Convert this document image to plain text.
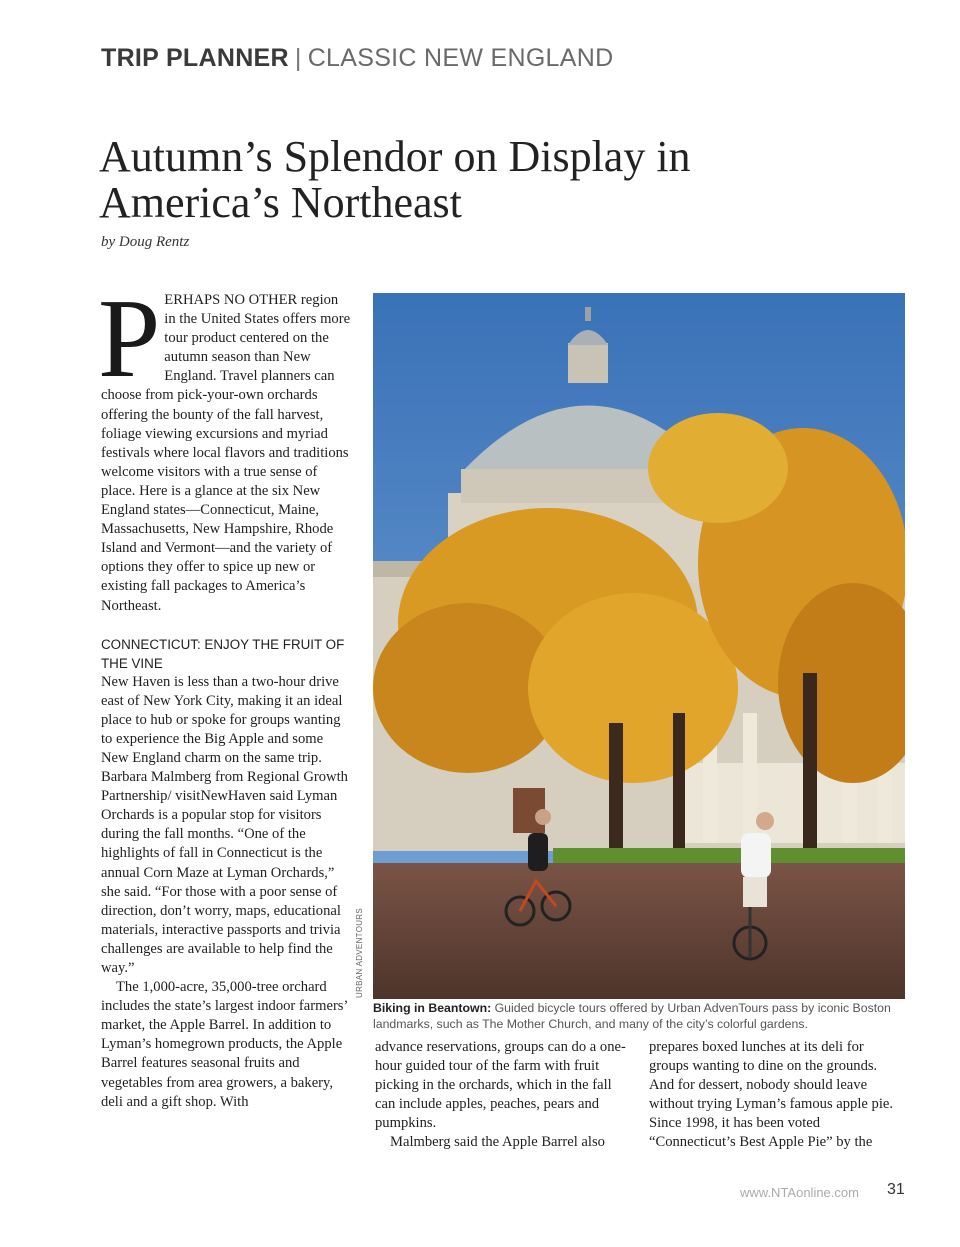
TRIP PLANNER | CLASSIC NEW ENGLAND
Autumn’s Splendor on Display in America’s Northeast
by Doug Rentz

PERHAPS NO OTHER region in the United States offers more tour product centered on the autumn season than New England. Travel planners can choose from pick-your-own orchards offering the bounty of the fall harvest, foliage viewing excursions and myriad festivals where local flavors and traditions welcome visitors with a true sense of place. Here is a glance at the six New England states—Connecticut, Maine, Massachusetts, New Hampshire, Rhode Island and Vermont—and the variety of options they offer to spice up new or existing fall packages to America’s Northeast.

CONNECTICUT: ENJOY THE FRUIT OF THE VINE

New Haven is less than a two-hour drive east of New York City, making it an ideal place to hub or spoke for groups wanting to experience the Big Apple and some New England charm on the same trip. Barbara Malmberg from Regional Growth Partnership/ visitNewHaven said Lyman Orchards is a popular stop for visitors during the fall months. “One of the highlights of fall in Connecticut is the annual Corn Maze at Lyman Orchards,” she said. “For those with a poor sense of direction, don’t worry, maps, educational materials, interactive passports and trivia challenges are available to help find the way.”

The 1,000-acre, 35,000-tree orchard includes the state’s largest indoor farmers’ market, the Apple Barrel. In addition to Lyman’s homegrown products, the Apple Barrel features seasonal fruits and vegetables from area growers, a bakery, deli and a gift shop. With

URBAN ADVENTOURS
Biking in Beantown: Guided bicycle tours offered by Urban AdvenTours pass by iconic Boston landmarks, such as The Mother Church, and many of the city’s colorful gardens.

advance reservations, groups can do a one-hour guided tour of the farm with fruit picking in the orchards, which in the fall can include apples, peaches, pears and pumpkins.

Malmberg said the Apple Barrel also

prepares boxed lunches at its deli for groups wanting to dine on the grounds. And for dessert, nobody should leave without trying Lyman’s famous apple pie. Since 1998, it has been voted “Connecticut’s Best Apple Pie” by the

www.NTAonline.com 31
